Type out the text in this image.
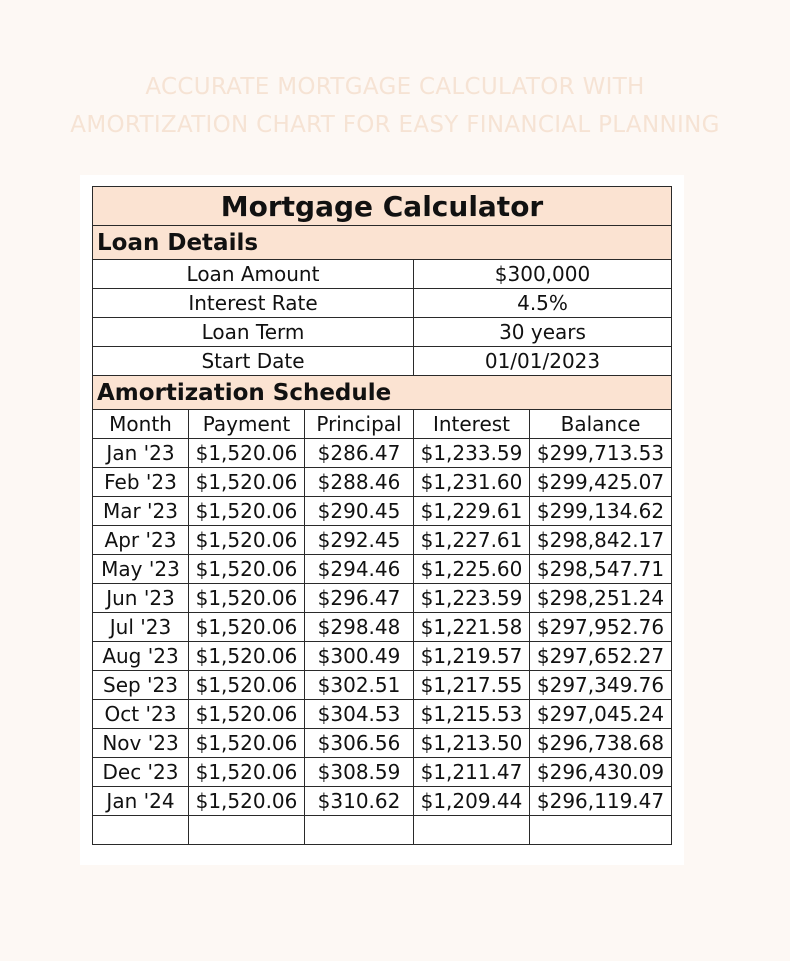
ACCURATE MORTGAGE CALCULATOR WITH
AMORTIZATION CHART FOR EASY FINANCIAL PLANNING
Mortgage Calculator				
Loan Details				
Loan Amount			$300,000	
Interest Rate			4.5%	
Loan Term			30 years	
Start Date			01/01/2023	
Amortization Schedule				
Month	Payment	Principal	Interest	Balance
Jan '23	$1,520.06	$286.47	$1,233.59	$299,713.53
Feb '23	$1,520.06	$288.46	$1,231.60	$299,425.07
Mar '23	$1,520.06	$290.45	$1,229.61	$299,134.62
Apr '23	$1,520.06	$292.45	$1,227.61	$298,842.17
May '23	$1,520.06	$294.46	$1,225.60	$298,547.71
Jun '23	$1,520.06	$296.47	$1,223.59	$298,251.24
Jul '23	$1,520.06	$298.48	$1,221.58	$297,952.76
Aug '23	$1,520.06	$300.49	$1,219.57	$297,652.27
Sep '23	$1,520.06	$302.51	$1,217.55	$297,349.76
Oct '23	$1,520.06	$304.53	$1,215.53	$297,045.24
Nov '23	$1,520.06	$306.56	$1,213.50	$296,738.68
Dec '23	$1,520.06	$308.59	$1,211.47	$296,430.09
Jan '24	$1,520.06	$310.62	$1,209.44	$296,119.47
